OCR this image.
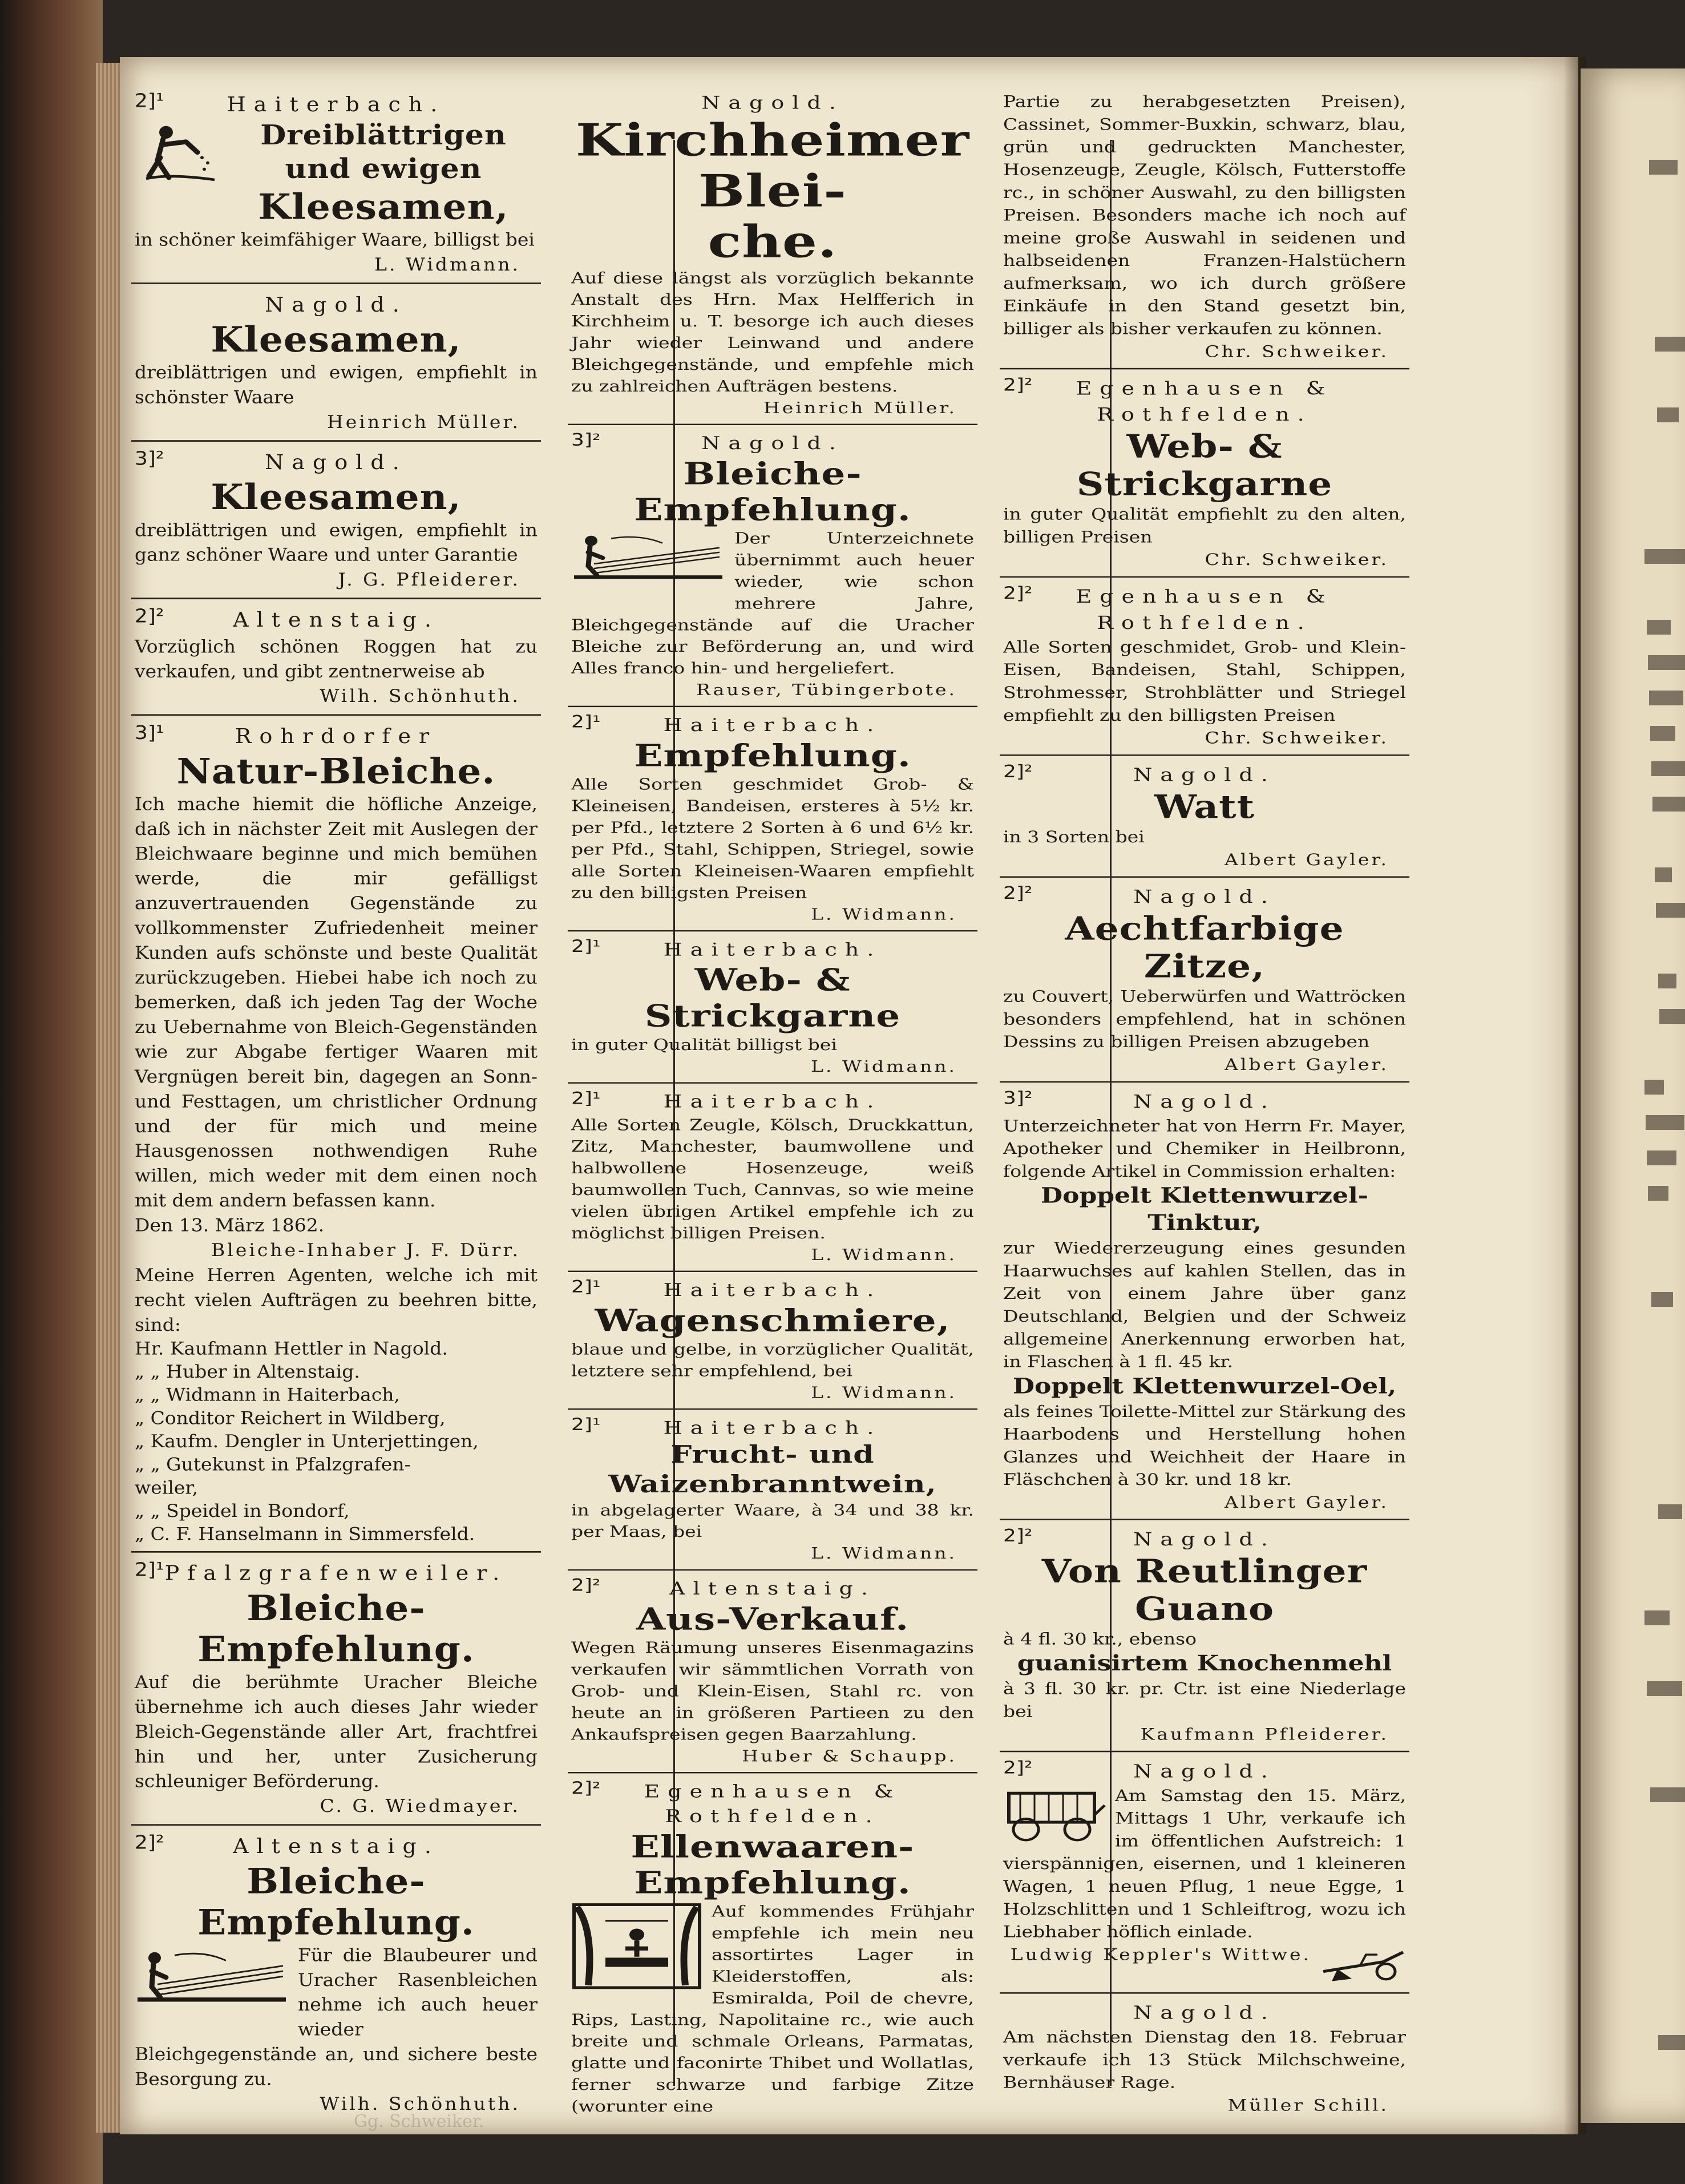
2]¹	Haiterbach.
Dreiblättrigen und ewigen
Kleesamen,
in schöner keimfähiger Waare, billigst bei
L. Widmann.
Nagold.
Kleesamen,
dreiblättrigen und ewigen, empfiehlt in schönster Waare
Heinrich Müller.
3]²	Nagold.
Kleesamen,
dreiblättrigen und ewigen, empfiehlt in ganz schöner Waare und unter Garantie
J. G. Pfleiderer.
2]²	Altenstaig.
Vorzüglich schönen Roggen hat zu verkaufen, und gibt zentnerweise ab
Wilh. Schönhuth.
3]¹	Rohrdorfer
Natur-Bleiche.
Ich mache hiemit die höfliche Anzeige, daß ich in nächster Zeit mit Auslegen der Bleichwaare beginne und mich bemühen werde, die mir gefälligst anzuvertrauenden Gegenstände zu vollkommenster Zufriedenheit meiner Kunden aufs schönste und beste Qualität zurückzugeben. Hiebei habe ich noch zu bemerken, daß ich jeden Tag der Woche zu Uebernahme von Bleich-Gegenständen wie zur Abgabe fertiger Waaren mit Vergnügen bereit bin, dagegen an Sonn- und Festtagen, um christlicher Ordnung und der für mich und meine Hausgenossen nothwendigen Ruhe willen, mich weder mit dem einen noch mit dem andern befassen kann.
Den 13. März 1862.
Bleiche-Inhaber J. F. Dürr.
Meine Herren Agenten, welche ich mit recht vielen Aufträgen zu beehren bitte, sind:
Hr. Kaufmann Hettler in Nagold.
„ „ Huber in Altenstaig.
„ „ Widmann in Haiterbach,
„ Conditor Reichert in Wildberg,
„ Kaufm. Dengler in Unterjettingen,
„ „ Gutekunst in Pfalzgrafen-
weiler,
„ „ Speidel in Bondorf,
„ C. F. Hanselmann in Simmersfeld.
2]¹ Pfalzgrafenweiler.
Bleiche-Empfehlung.
Auf die berühmte Uracher Bleiche übernehme ich auch dieses Jahr wieder Bleich-Gegenstände aller Art, frachtfrei hin und her, unter Zusicherung schleuniger Beförderung.
C. G. Wiedmayer.
2]²	Altenstaig.
Bleiche-Empfehlung.
Für die Blaubeurer und Uracher Rasenbleichen nehme ich auch heuer wieder Bleichgegenstände an, und sichere beste Besorgung zu.
Wilh. Schönhuth.
Nagold.
Kirchheimer Blei-
che.
Auf diese längst als vorzüglich bekannte Anstalt des Hrn. Max Helfferich in Kirchheim u. T. besorge ich auch dieses Jahr wieder Leinwand und andere Bleichgegenstände, und empfehle mich zu zahlreichen Aufträgen bestens.
Heinrich Müller.
3]²	Nagold.
Bleiche-Empfehlung.
Der Unterzeichnete übernimmt auch heuer wieder, wie schon mehrere Jahre, Bleichgegenstände auf die Uracher Bleiche zur Beförderung an, und wird Alles franco hin- und hergeliefert.
Rauser, Tübingerbote.
2]¹	Haiterbach.
Empfehlung.
Alle Sorten geschmidet Grob- & Kleineisen, Bandeisen, ersteres à 5½ kr. per Pfd., letztere 2 Sorten à 6 und 6½ kr. per Pfd., Stahl, Schippen, Striegel, sowie alle Sorten Kleineisen-Waaren empfiehlt zu den billigsten Preisen
L. Widmann.
2]¹	Haiterbach.
Web- & Strickgarne
in guter Qualität billigst bei
L. Widmann.
2]¹	Haiterbach.
Alle Sorten Zeugle, Kölsch, Druckkattun, Zitz, Manchester, baumwollene und halbwollene Hosenzeuge, weiß baumwollen Tuch, Cannvas, so wie meine vielen übrigen Artikel empfehle ich zu möglichst billigen Preisen.
L. Widmann.
2]¹	Haiterbach.
Wagenschmiere,
blaue und gelbe, in vorzüglicher Qualität, letztere sehr empfehlend, bei
L. Widmann.
2]¹	Haiterbach.
Frucht- und Waizenbranntwein,
in abgelagerter Waare, à 34 und 38 kr. per Maas, bei
L. Widmann.
2]²	Altenstaig.
Aus-Verkauf.
Wegen Räumung unseres Eisenmagazins verkaufen wir sämmtlichen Vorrath von Grob- und Klein-Eisen, Stahl rc. von heute an in größeren Partieen zu den Ankaufspreisen gegen Baarzahlung.
Huber & Schaupp.
2]²	Egenhausen & Rothfelden.
Ellenwaaren-Empfehlung.
Auf kommendes Frühjahr empfehle ich mein neu assortirtes Lager in Kleiderstoffen, als: Esmiralda, Poil de chevre, Rips, Lasting, Napolitaine rc., wie auch breite und schmale Orleans, Parmatas, glatte und faconirte Thibet und Wollatlas, ferner schwarze und farbige Zitze (worunter eine
Partie zu herabgesetzten Preisen), Cassinet, Sommer-Buxkin, schwarz, blau, grün und gedruckten Manchester, Hosenzeuge, Zeugle, Kölsch, Futterstoffe rc., in schöner Auswahl, zu den billigsten Preisen. Besonders mache ich noch auf meine große Auswahl in seidenen und halbseidenen Franzen-Halstüchern aufmerksam, wo ich durch größere Einkäufe in den Stand gesetzt bin, billiger als bisher verkaufen zu können.
Chr. Schweiker.
2]²	Egenhausen & Rothfelden.
Web- & Strickgarne
in guter Qualität empfiehlt zu den alten, billigen Preisen
Chr. Schweiker.
2]²	Egenhausen & Rothfelden.
Alle Sorten geschmidet, Grob- und Klein-Eisen, Bandeisen, Stahl, Schippen, Strohmesser, Strohblätter und Striegel empfiehlt zu den billigsten Preisen
Chr. Schweiker.
2]²	Nagold.
Watt
in 3 Sorten bei
Albert Gayler.
2]²	Nagold.
Aechtfarbige Zitze,
zu Couvert, Ueberwürfen und Wattröcken besonders empfehlend, hat in schönen Dessins zu billigen Preisen abzugeben
Albert Gayler.
3]²	Nagold.
Unterzeichneter hat von Herrn Fr. Mayer, Apotheker und Chemiker in Heilbronn, folgende Artikel in Commission erhalten:
Doppelt Klettenwurzel-Tinktur,
zur Wiedererzeugung eines gesunden Haarwuchses auf kahlen Stellen, das in Zeit von einem Jahre über ganz Deutschland, Belgien und der Schweiz allgemeine Anerkennung erworben hat, in Flaschen à 1 fl. 45 kr.
Doppelt Klettenwurzel-Oel,
als feines Toilette-Mittel zur Stärkung des Haarbodens und Herstellung hohen Glanzes und Weichheit der Haare in Fläschchen à 30 kr. und 18 kr.
Albert Gayler.
2]²	Nagold.
Von Reutlinger Guano
à 4 fl. 30 kr., ebenso
guanisirtem Knochenmehl
à 3 fl. 30 kr. pr. Ctr. ist eine Niederlage bei
Kaufmann Pfleiderer.
2]²	Nagold.
Am Samstag den 15. März, Mittags 1 Uhr, verkaufe ich im öffentlichen Aufstreich: 1 vierspännigen, eisernen, und 1 kleineren Wagen, 1 neuen Pflug, 1 neue Egge, 1 Holzschlitten und 1 Schleiftrog, wozu ich Liebhaber höflich einlade.
Ludwig Keppler's Wittwe.
Nagold.
Am nächsten Dienstag den 18. Februar verkaufe ich 13 Stück Milchschweine, Bernhäuser Rage.
Müller Schill.
Gg. Schweiker.
